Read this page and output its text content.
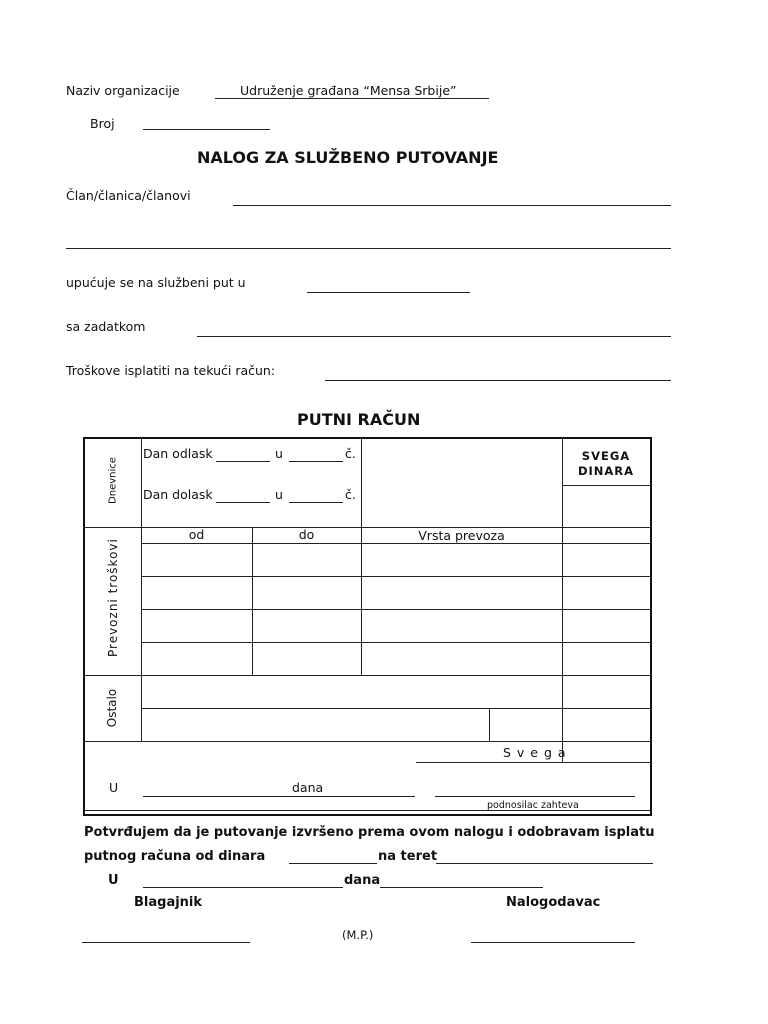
Naziv organizacije	Udruženje građana “Mensa Srbije”
Broj
NALOG ZA SLUŽBENO PUTOVANJE
Član/članica/članovi
upućuje se na službeni put u
sa zadatkom
Troškove isplatiti na tekući račun:
PUTNI RAČUN
Dnevnice
Dan odlask	u	č.
Dan dolask	u	č.
SVEGA DINARA
Prevozni troškovi
od	do	Vrsta prevoza
Ostalo
S v e g a
U	dana
podnosilac zahteva
Potvrđujem da je putovanje izvršeno prema ovom nalogu i odobravam isplatu
putnog računa od dinara	na teret
U	dana
Blagajnik	Nalogodavac
(M.P.)
